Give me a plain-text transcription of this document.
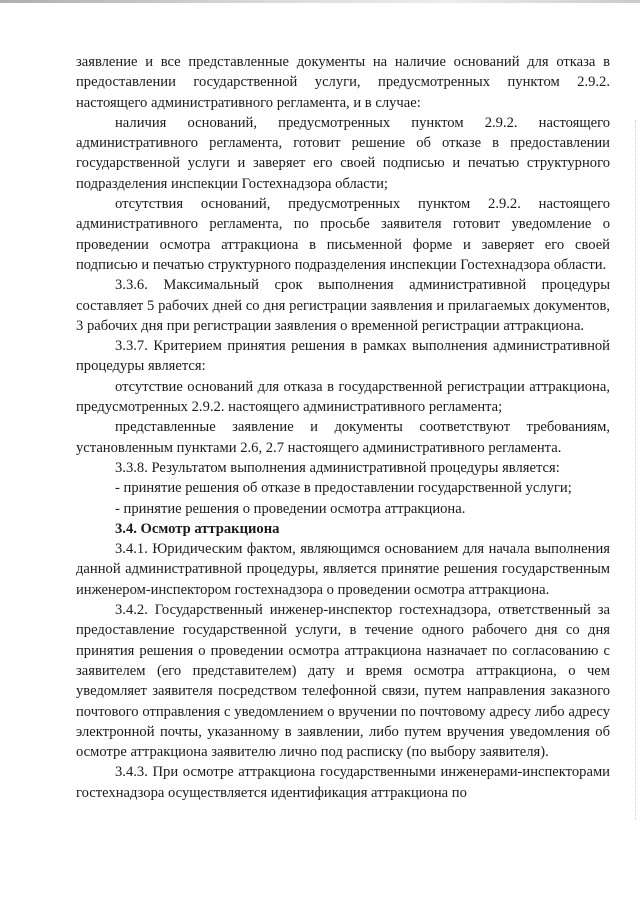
заявление и все представленные документы на наличие оснований для отказа в предоставлении государственной услуги, предусмотренных пунктом 2.9.2. настоящего административного регламента, и в случае:

наличия оснований, предусмотренных пунктом 2.9.2. настоящего административного регламента, готовит решение об отказе в предоставлении государственной услуги и заверяет его своей подписью и печатью структурного подразделения инспекции Гостехнадзора области;

отсутствия оснований, предусмотренных пунктом 2.9.2. настоящего административного регламента, по просьбе заявителя готовит уведомление о проведении осмотра аттракциона в письменной форме и заверяет его своей подписью и печатью структурного подразделения инспекции Гостехнадзора области.

3.3.6. Максимальный срок выполнения административной процедуры составляет 5 рабочих дней со дня регистрации заявления и прилагаемых документов, 3 рабочих дня при регистрации заявления о временной регистрации аттракциона.

3.3.7. Критерием принятия решения в рамках выполнения административной процедуры является:

отсутствие оснований для отказа в государственной регистрации аттракциона, предусмотренных 2.9.2. настоящего административного регламента;

представленные заявление и документы соответствуют требованиям, установленным пунктами 2.6, 2.7 настоящего административного регламента.

3.3.8. Результатом выполнения административной процедуры является:

- принятие решения об отказе в предоставлении государственной услуги;

- принятие решения о проведении осмотра аттракциона.

3.4. Осмотр аттракциона

3.4.1. Юридическим фактом, являющимся основанием для начала выполнения данной административной процедуры, является принятие решения государственным инженером-инспектором гостехнадзора о проведении осмотра аттракциона.

3.4.2. Государственный инженер-инспектор гостехнадзора, ответственный за предоставление государственной услуги, в течение одного рабочего дня со дня принятия решения о проведении осмотра аттракциона назначает по согласованию с заявителем (его представителем) дату и время осмотра аттракциона, о чем уведомляет заявителя посредством телефонной связи, путем направления заказного почтового отправления с уведомлением о вручении по почтовому адресу либо адресу электронной почты, указанному в заявлении, либо путем вручения уведомления об осмотре аттракциона заявителю лично под расписку (по выбору заявителя).

3.4.3. При осмотре аттракциона государственными инженерами-инспекторами гостехнадзора осуществляется идентификация аттракциона по
